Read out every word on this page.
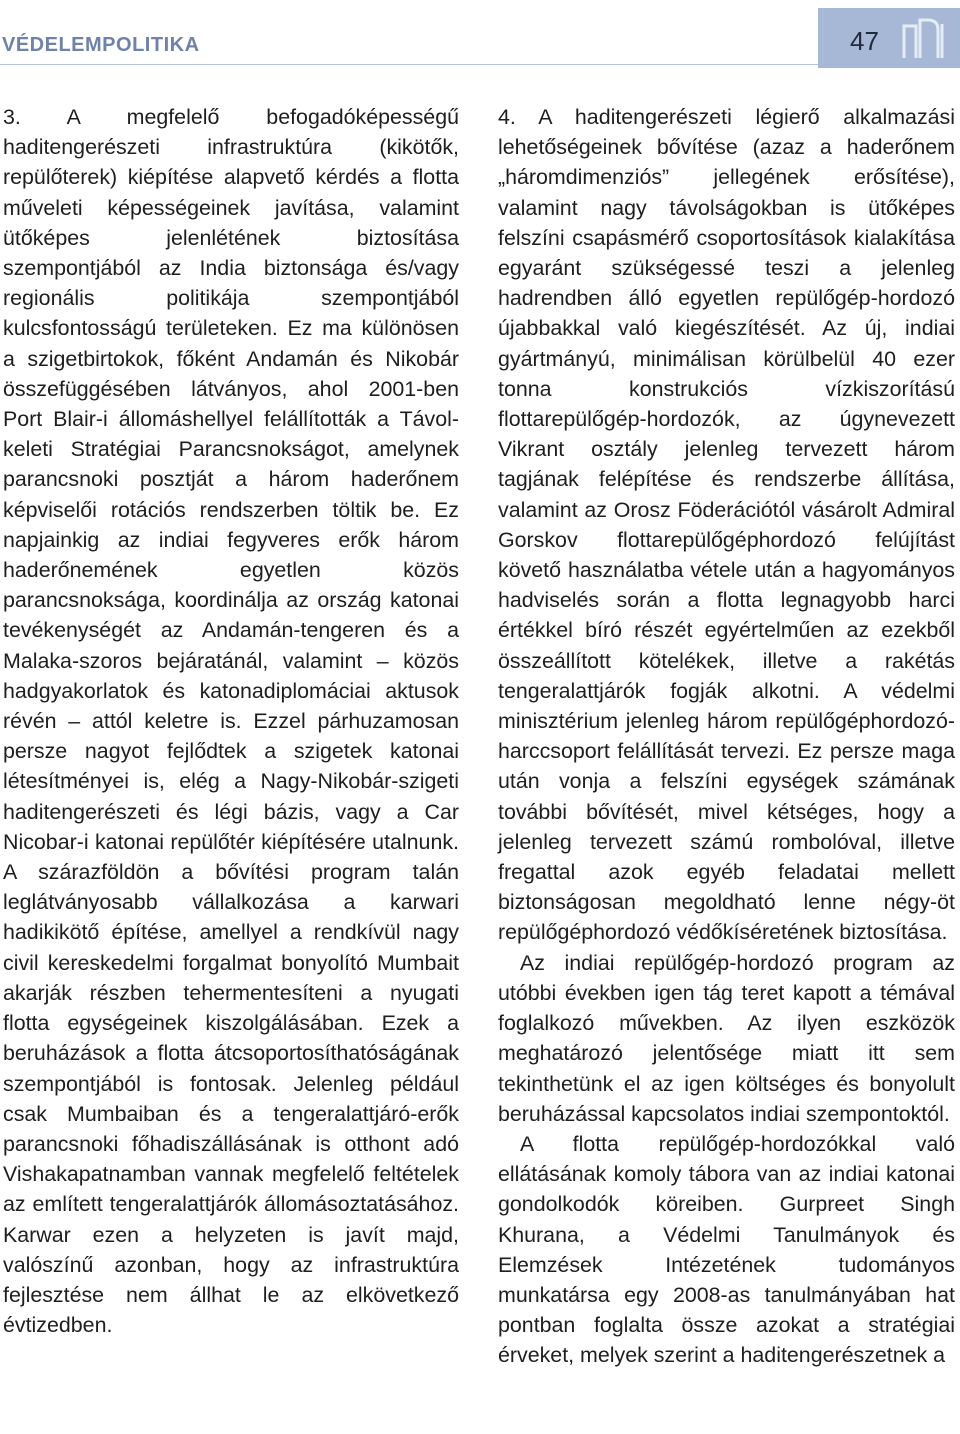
VÉDELEMPOLITIKA	47

3. A megfelelő befogadóképességű haditengerészeti infrastruktúra (kikötők, repülőterek) kiépítése alapvető kérdés a flotta műveleti képességeinek javítása, valamint ütőképes jelenlétének biztosítása szempontjából az India biztonsága és/vagy regionális politikája szempontjából kulcsfontosságú területeken. Ez ma különösen a szigetbirtokok, főként Andamán és Nikobár összefüggésében látványos, ahol 2001-ben Port Blair-i állomáshellyel felállították a Távol-keleti Stratégiai Parancsnokságot, amelynek parancsnoki posztját a három haderőnem képviselői rotációs rendszerben töltik be. Ez napjainkig az indiai fegyveres erők három haderőnemének egyetlen közös parancsnoksága, koordinálja az ország katonai tevékenységét az Andamán-tengeren és a Malaka-szoros bejáratánál, valamint – közös hadgyakorlatok és katonadiplomáciai aktusok révén – attól keletre is. Ezzel párhuzamosan persze nagyot fejlődtek a szigetek katonai létesítményei is, elég a Nagy-Nikobár-szigeti haditengerészeti és légi bázis, vagy a Car Nicobar-i katonai repülőtér kiépítésére utalnunk. A szárazföldön a bővítési program talán leglátványosabb vállalkozása a karwari hadikikötő építése, amellyel a rendkívül nagy civil kereskedelmi forgalmat bonyolító Mumbait akarják részben tehermentesíteni a nyugati flotta egységeinek kiszolgálásában. Ezek a beruházások a flotta átcsoportosíthatóságának szempontjából is fontosak. Jelenleg például csak Mumbaiban és a tengeralattjáró-erők parancsnoki főhadiszállásának is otthont adó Vishakapatnamban vannak megfelelő feltételek az említett tengeralattjárók állomásoztatásához. Karwar ezen a helyzeten is javít majd, valószínű azonban, hogy az infrastruktúra fejlesztése nem állhat le az elkövetkező évtizedben.

4. A haditengerészeti légierő alkalmazási lehetőségeinek bővítése (azaz a haderőnem „háromdimenziós” jellegének erősítése), valamint nagy távolságokban is ütőképes felszíni csapásmérő csoportosítások kialakítása egyaránt szükségessé teszi a jelenleg hadrendben álló egyetlen repülőgép-hordozó újabbakkal való kiegészítését. Az új, indiai gyártmányú, minimálisan körülbelül 40 ezer tonna konstrukciós vízkiszorítású flottarepülőgép-hordozók, az úgynevezett Vikrant osztály jelenleg tervezett három tagjának felépítése és rendszerbe állítása, valamint az Orosz Föderációtól vásárolt Admiral Gorskov flottarepülőgéphordozó felújítást követő használatba vétele után a hagyományos hadviselés során a flotta legnagyobb harci értékkel bíró részét egyértelműen az ezekből összeállított kötelékek, illetve a rakétás tengeralattjárók fogják alkotni. A védelmi minisztérium jelenleg három repülőgéphordozó-harccsoport felállítását tervezi. Ez persze maga után vonja a felszíni egységek számának további bővítését, mivel kétséges, hogy a jelenleg tervezett számú rombolóval, illetve fregattal azok egyéb feladatai mellett biztonságosan megoldható lenne négy-öt repülőgéphordozó védőkíséretének biztosítása.

Az indiai repülőgép-hordozó program az utóbbi években igen tág teret kapott a témával foglalkozó művekben. Az ilyen eszközök meghatározó jelentősége miatt itt sem tekinthetünk el az igen költséges és bonyolult beruházással kapcsolatos indiai szempontoktól.

A flotta repülőgép-hordozókkal való ellátásának komoly tábora van az indiai katonai gondolkodók köreiben. Gurpreet Singh Khurana, a Védelmi Tanulmányok és Elemzések Intézetének tudományos munkatársa egy 2008-as tanulmányában hat pontban foglalta össze azokat a stratégiai érveket, melyek szerint a haditengerészetnek a
